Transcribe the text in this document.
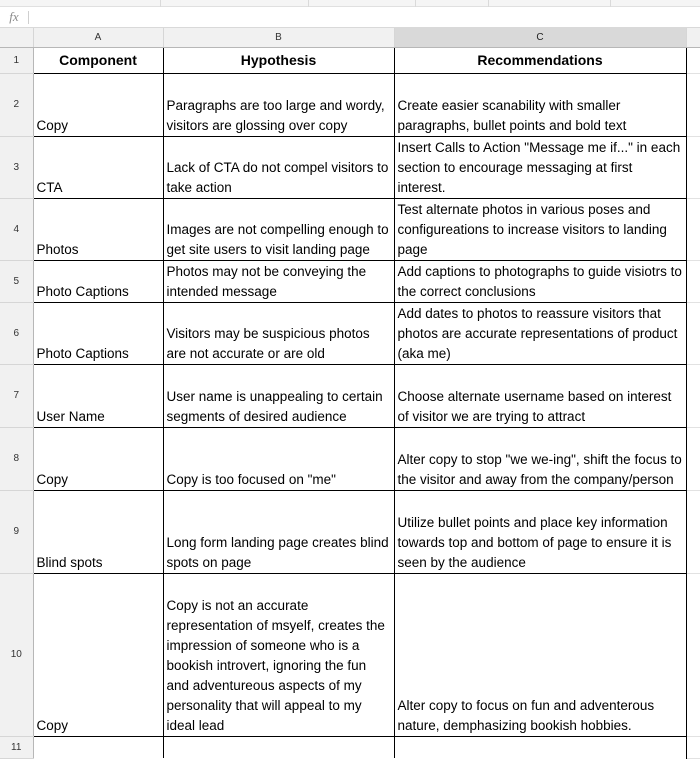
fx
	A	B	C	
1	Component	Hypothesis	Recommendations	
2	Copy	Paragraphs are too large and wordy, visitors are glossing over copy	Create easier scanability with smaller paragraphs, bullet points and bold text	
3	CTA	Lack of CTA do not compel visitors to take action	Insert Calls to Action "Message me if..." in each section to encourage messaging at first interest.	
4	Photos	Images are not compelling enough to get site users to visit landing page	Test alternate photos in various poses and configureations to increase visitors to landing page	
5	Photo Captions	Photos may not be conveying the intended message	Add captions to photographs to guide visiotrs to the correct conclusions	
6	Photo Captions	Visitors may be suspicious photos are not accurate or are old	Add dates to photos to reassure visitors that photos are accurate representations of product (aka me)	
7	User Name	User name is unappealing to certain segments of desired audience	Choose alternate username based on interest of visitor we are trying to attract	
8	Copy	Copy is too focused on "me"	Alter copy to stop "we we-ing", shift the focus to the visitor and away from the company/person	
9	Blind spots	Long form landing page creates blind spots on page	Utilize bullet points and place key information towards top and bottom of page to ensure it is seen by the audience	
10	Copy	Copy is not an accurate representation of msyelf, creates the impression of someone who is a bookish introvert, ignoring the fun and adventureous aspects of my personality that will appeal to my ideal lead	Alter copy to focus on fun and adventerous nature, demphasizing bookish hobbies.	
11				
